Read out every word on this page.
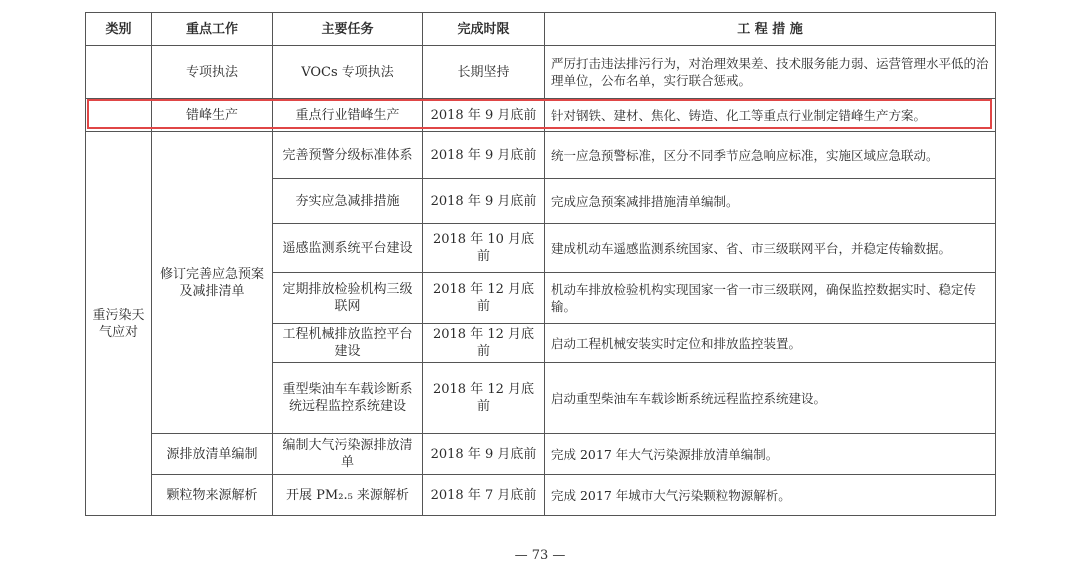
类别	重点工作	主要任务	完成时限	工 程 措 施
	专项执法	VOCs 专项执法	长期坚持	严厉打击违法排污行为，对治理效果差、技术服务能力弱、运营管理水平低的治理单位，公布名单，实行联合惩戒。
	错峰生产	重点行业错峰生产	2018 年 9 月底前	针对钢铁、建材、焦化、铸造、化工等重点行业制定错峰生产方案。
重污染天气应对	修订完善应急预案及减排清单	完善预警分级标准体系	2018 年 9 月底前	统一应急预警标准，区分不同季节应急响应标准，实施区域应急联动。
		夯实应急减排措施	2018 年 9 月底前	完成应急预案减排措施清单编制。
		遥感监测系统平台建设	2018 年 10 月底前	建成机动车遥感监测系统国家、省、市三级联网平台，并稳定传输数据。
		定期排放检验机构三级联网	2018 年 12 月底前	机动车排放检验机构实现国家一省一市三级联网，确保监控数据实时、稳定传输。
		工程机械排放监控平台建设	2018 年 12 月底前	启动工程机械安装实时定位和排放监控装置。
		重型柴油车车载诊断系统远程监控系统建设	2018 年 12 月底前	启动重型柴油车车载诊断系统远程监控系统建设。
	源排放清单编制	编制大气污染源排放清单	2018 年 9 月底前	完成 2017 年大气污染源排放清单编制。
	颗粒物来源解析	开展 PM₂.₅ 来源解析	2018 年 7 月底前	完成 2017 年城市大气污染颗粒物源解析。
— 73 —
